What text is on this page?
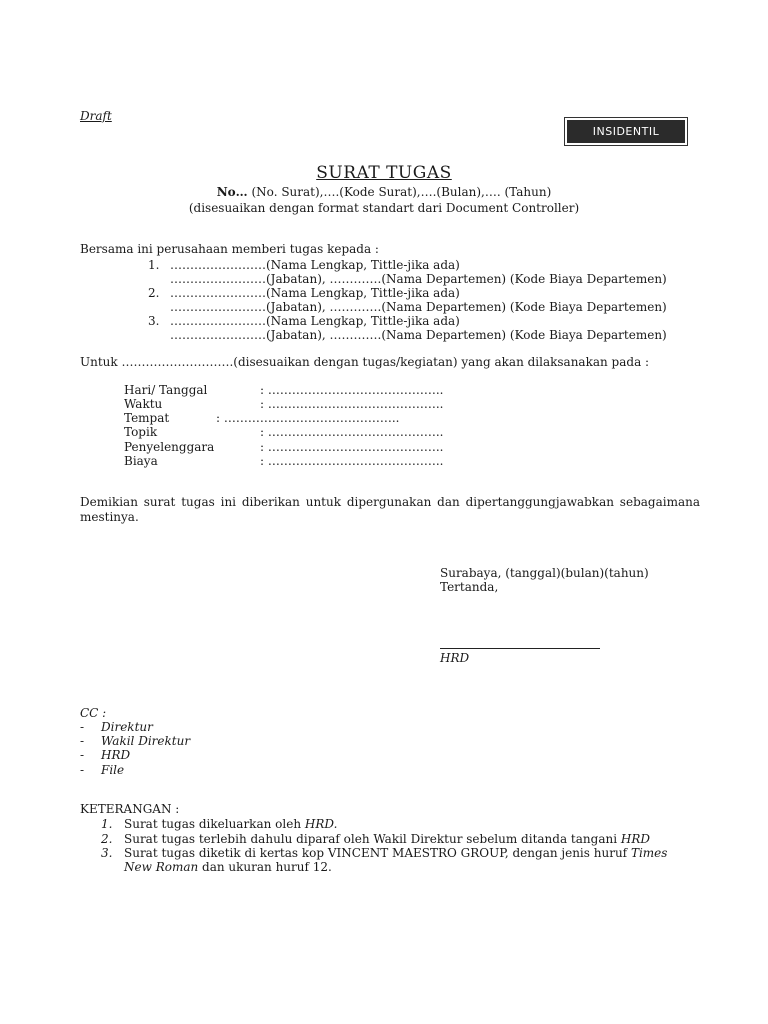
Draft
INSIDENTIL
SURAT TUGAS
No… (No. Surat),….(Kode Surat),….(Bulan),…. (Tahun)
(disesuaikan dengan format standart dari Document Controller)
Bersama ini perusahaan memberi tugas kepada :
1. ……………………(Nama Lengkap, Tittle-jika ada)
……………………(Jabatan), ………….(Nama Departemen) (Kode Biaya Departemen)
2. ……………………(Nama Lengkap, Tittle-jika ada)
……………………(Jabatan), ………….(Nama Departemen) (Kode Biaya Departemen)
3. ……………………(Nama Lengkap, Tittle-jika ada)
……………………(Jabatan), ………….(Nama Departemen) (Kode Biaya Departemen)
Untuk ……………………….(disesuaikan dengan tugas/kegiatan) yang akan dilaksanakan pada :
Hari/ Tanggal	: ……………………………………..
Waktu	: ……………………………………..
Tempat	: ……………………………………..
Topik	: ……………………………………..
Penyelenggara	: ……………………………………..
Biaya	: ……………………………………..
Demikian surat tugas ini diberikan untuk dipergunakan dan dipertanggungjawabkan sebagaimana mestinya.
Surabaya, (tanggal)(bulan)(tahun)
Tertanda,
HRD
CC :
- Direktur
- Wakil Direktur
- HRD
- File
KETERANGAN :
1. Surat tugas dikeluarkan oleh HRD.
2. Surat tugas terlebih dahulu diparaf oleh Wakil Direktur sebelum ditanda tangani HRD
3. Surat tugas diketik di kertas kop VINCENT MAESTRO GROUP, dengan jenis huruf Times
New Roman dan ukuran huruf 12.
